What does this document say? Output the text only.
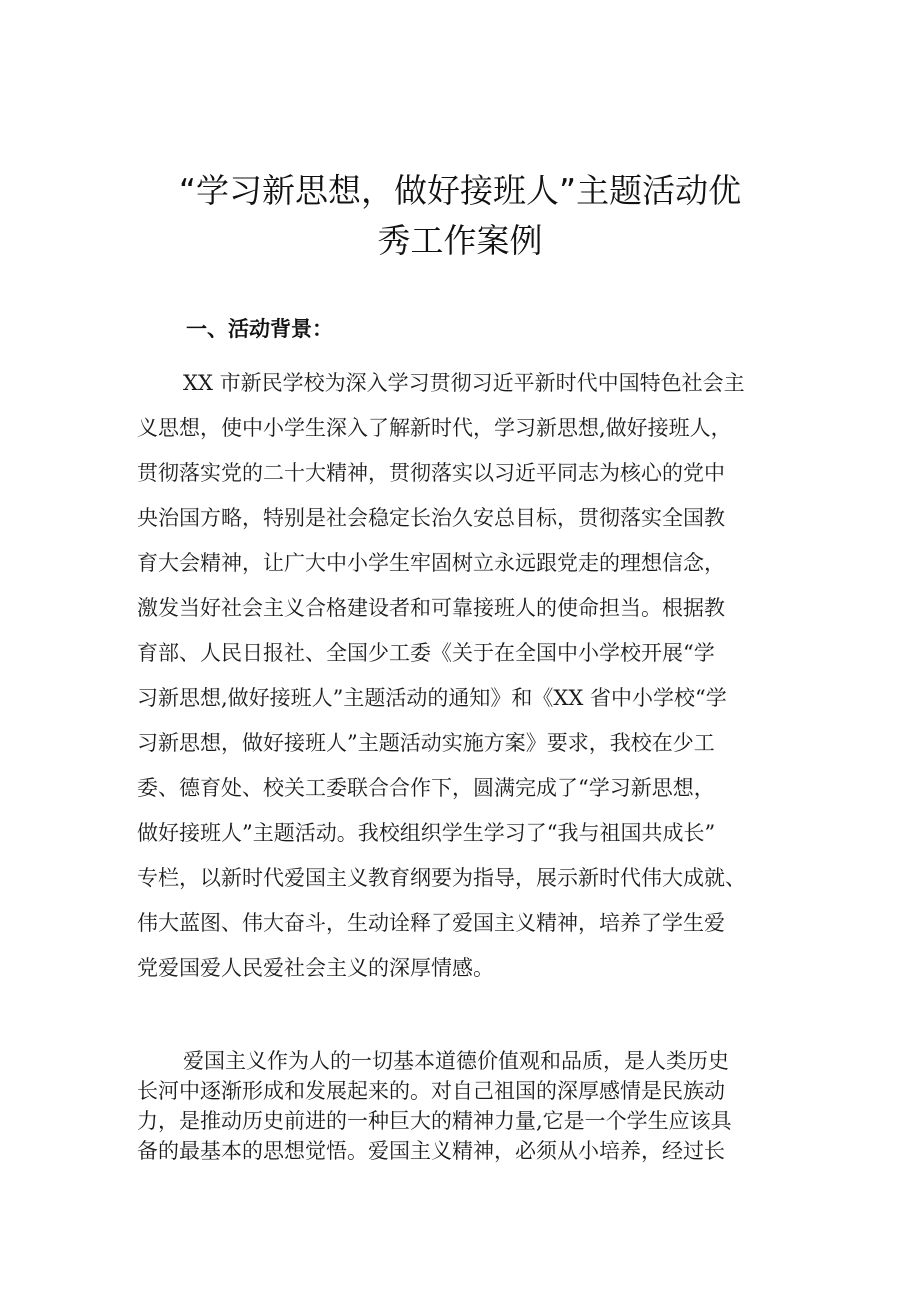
“学习新思想，做好接班人”主题活动优
秀工作案例
一、活动背景：
XX 市新民学校为深入学习贯彻习近平新时代中国特色社会主
义思想，使中小学生深入了解新时代，学习新思想,做好接班人，
贯彻落实党的二十大精神，贯彻落实以习近平同志为核心的党中
央治国方略，特别是社会稳定长治久安总目标，贯彻落实全国教
育大会精神，让广大中小学生牢固树立永远跟党走的理想信念，
激发当好社会主义合格建设者和可靠接班人的使命担当。根据教
育部、人民日报社、全国少工委《关于在全国中小学校开展“学
习新思想,做好接班人”主题活动的通知》和《XX 省中小学校“学
习新思想，做好接班人”主题活动实施方案》要求，我校在少工
委、德育处、校关工委联合合作下，圆满完成了“学习新思想，
做好接班人”主题活动。我校组织学生学习了“我与祖国共成长”
专栏，以新时代爱国主义教育纲要为指导，展示新时代伟大成就、
伟大蓝图、伟大奋斗，生动诠释了爱国主义精神，培养了学生爱
党爱国爱人民爱社会主义的深厚情感。
爱国主义作为人的一切基本道德价值观和品质，是人类历史
长河中逐渐形成和发展起来的。对自己祖国的深厚感情是民族动
力，是推动历史前进的一种巨大的精神力量,它是一个学生应该具
备的最基本的思想觉悟。爱国主义精神，必须从小培养，经过长
